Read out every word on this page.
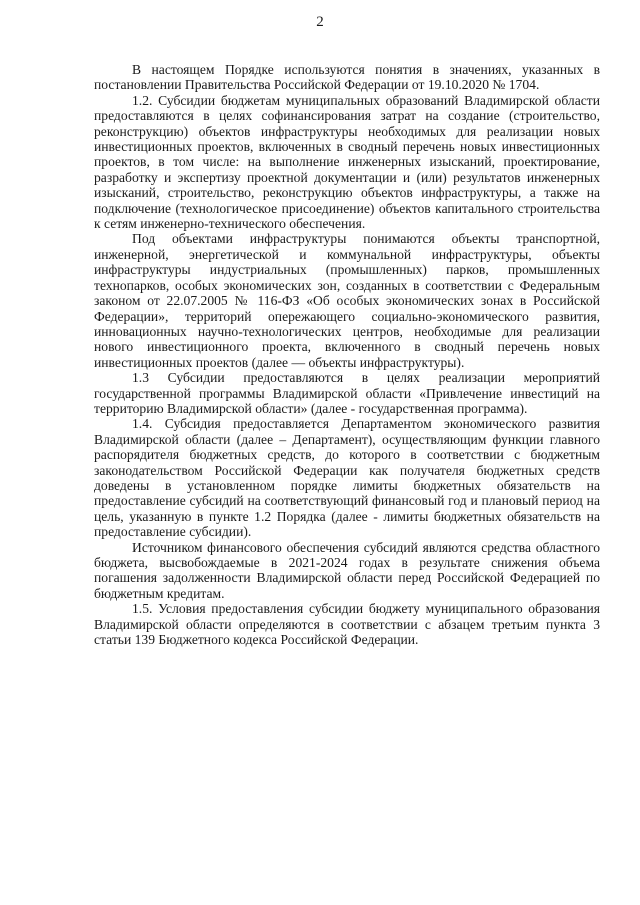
2

В настоящем Порядке используются понятия в значениях, указанных в постановлении Правительства Российской Федерации от 19.10.2020 № 1704.

1.2. Субсидии бюджетам муниципальных образований Владимирской области предоставляются в целях софинансирования затрат на создание (строительство, реконструкцию) объектов инфраструктуры необходимых для реализации новых инвестиционных проектов, включенных в сводный перечень новых инвестиционных проектов, в том числе: на выполнение инженерных изысканий, проектирование, разработку и экспертизу проектной документации и (или) результатов инженерных изысканий, строительство, реконструкцию объектов инфраструктуры, а также на подключение (технологическое присоединение) объектов капитального строительства к сетям инженерно-технического обеспечения.

Под объектами инфраструктуры понимаются объекты транспортной, инженерной, энергетической и коммунальной инфраструктуры, объекты инфраструктуры индустриальных (промышленных) парков, промышленных технопарков, особых экономических зон, созданных в соответствии с Федеральным законом от 22.07.2005 № 116-ФЗ «Об особых экономических зонах в Российской Федерации», территорий опережающего социально-экономического развития, инновационных научно-технологических центров, необходимые для реализации нового инвестиционного проекта, включенного в сводный перечень новых инвестиционных проектов (далее — объекты инфраструктуры).

1.3 Субсидии предоставляются в целях реализации мероприятий государственной программы Владимирской области «Привлечение инвестиций на территорию Владимирской области» (далее - государственная программа).

1.4. Субсидия предоставляется Департаментом экономического развития Владимирской области (далее – Департамент), осуществляющим функции главного распорядителя бюджетных средств, до которого в соответствии с бюджетным законодательством Российской Федерации как получателя бюджетных средств доведены в установленном порядке лимиты бюджетных обязательств на предоставление субсидий на соответствующий финансовый год и плановый период на цель, указанную в пункте 1.2 Порядка (далее - лимиты бюджетных обязательств на предоставление субсидии).

Источником финансового обеспечения субсидий являются средства областного бюджета, высвобождаемые в 2021-2024 годах в результате снижения объема погашения задолженности Владимирской области перед Российской Федерацией по бюджетным кредитам.

1.5. Условия предоставления субсидии бюджету муниципального образования Владимирской области определяются в соответствии с абзацем третьим пункта 3 статьи 139 Бюджетного кодекса Российской Федерации.
